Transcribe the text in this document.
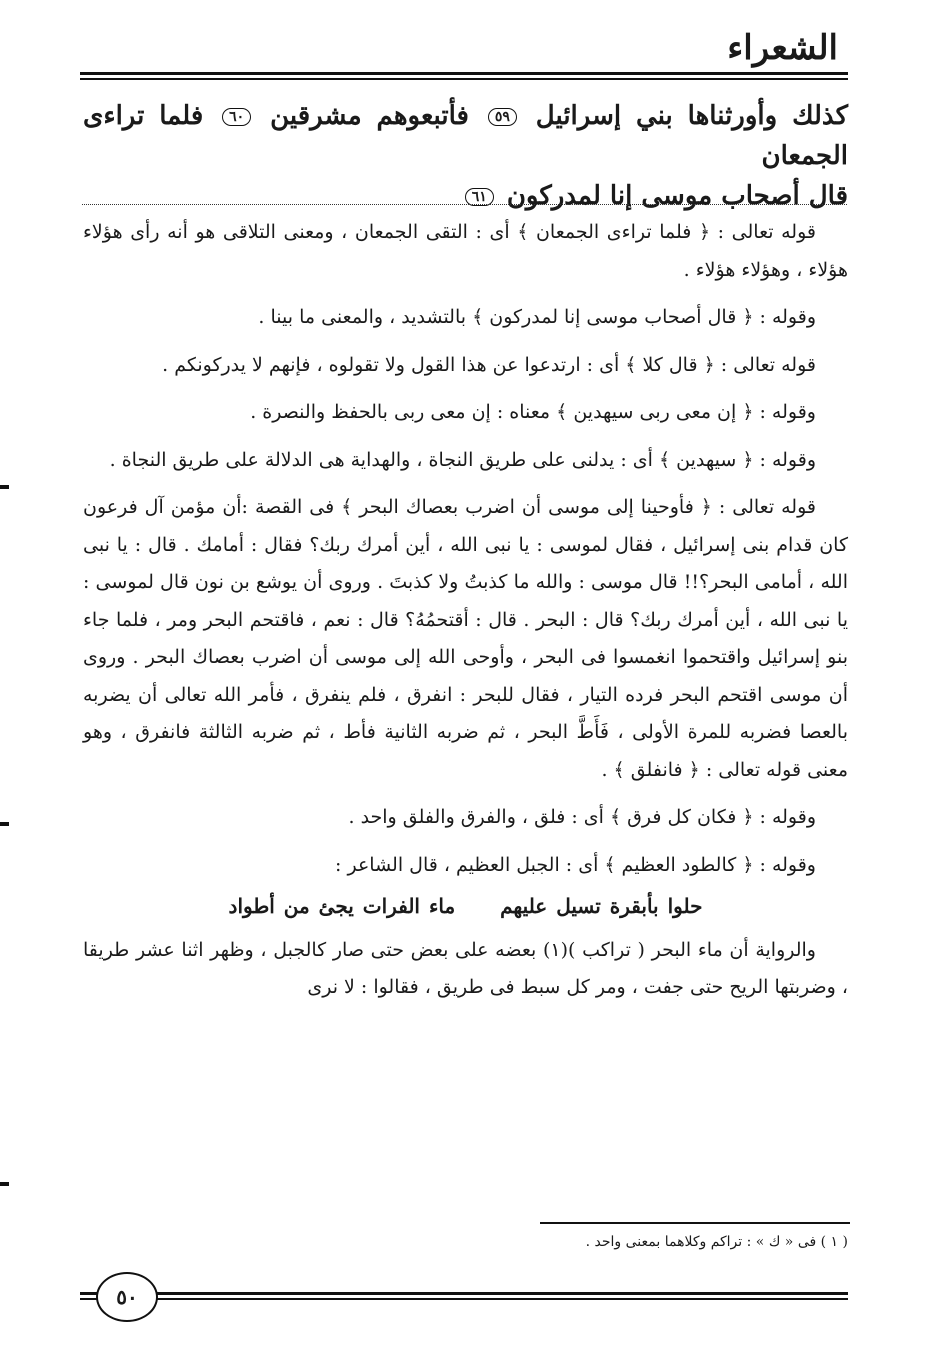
الشعراء
كذلك وأورثناها بني إسرائيل ٥٩ فأتبعوهم مشرقين ٦٠ فلما تراءى الجمعان
قال أصحاب موسى إنا لمدركون ٦١

قوله تعالى : ﴿ فلما تراءى الجمعان ﴾ أى : التقى الجمعان ، ومعنى التلاقى هو أنه رأى هؤلاء هؤلاء ، وهؤلاء هؤلاء .

وقوله : ﴿ قال أصحاب موسى إنا لمدركون ﴾ بالتشديد ، والمعنى ما بينا .

قوله تعالى : ﴿ قال كلا ﴾ أى : ارتدعوا عن هذا القول ولا تقولوه ، فإنهم لا يدركونكم .

وقوله : ﴿ إن معى ربى سيهدين ﴾ معناه : إن معى ربى بالحفظ والنصرة .

وقوله : ﴿ سيهدين ﴾ أى : يدلنى على طريق النجاة ، والهداية هى الدلالة على طريق النجاة .

قوله تعالى : ﴿ فأوحينا إلى موسى أن اضرب بعصاك البحر ﴾ فى القصة :أن مؤمن آل فرعون كان قدام بنى إسرائيل ، فقال لموسى : يا نبى الله ، أين أمرك ربك؟ فقال : أمامك . قال : يا نبى الله ، أمامى البحر؟!! قال موسى : والله ما كذبتُ ولا كذبتَ . وروى أن يوشع بن نون قال لموسى : يا نبى الله ، أين أمرك ربك؟ قال : البحر . قال : أقتحمُهُ؟ قال : نعم ، فاقتحم البحر ومر ، فلما جاء بنو إسرائيل واقتحموا انغمسوا فى البحر ، وأوحى الله إلى موسى أن اضرب بعصاك البحر . وروى أن موسى اقتحم البحر فرده التيار ، فقال للبحر : انفرق ، فلم ينفرق ، فأمر الله تعالى أن يضربه بالعصا فضربه للمرة الأولى ، فَأَطَّ البحر ، ثم ضربه الثانية فأط ، ثم ضربه الثالثة فانفرق ، وهو معنى قوله تعالى : ﴿ فانفلق ﴾ .

وقوله : ﴿ فكان كل فرق ﴾ أى : فلق ، والفرق والفلق واحد .

وقوله : ﴿ كالطود العظيم ﴾ أى : الجبل العظيم ، قال الشاعر :

حلوا بأبقرة تسيل عليهم ماء الفرات يجئ من أطواد

والرواية أن ماء البحر ( تراكب )(١) بعضه على بعض حتى صار كالجبل ، وظهر اثنا عشر طريقا ، وضربتها الريح حتى جفت ، ومر كل سبط فى طريق ، فقالوا : لا نرى

( ١ ) فى « ك » : تراكم وكلاهما بمعنى واحد .
٥٠
